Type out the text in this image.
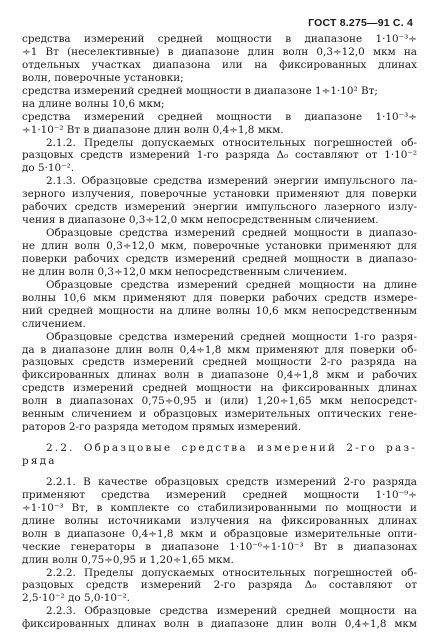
ГОСТ 8.275—91 С. 4
средства измерений средней мощности в диапазоне 1·10⁻³÷
÷1 Вт (неселективные) в диапазоне длин волн 0,3÷12,0 мкм на
отдельных участках диапазона или на фиксированных длинах
волн, поверочные установки;
средства измерений средней мощности в диапазоне 1÷1·10² Вт;
на длине волны 10,6 мкм;
средства измерений средней мощности в диапазоне 1·10⁻³÷
÷1·10⁻² Вт в диапазоне длин волн 0,4÷1,8 мкм.
2.1.2. Пределы допускаемых относительных погрешностей об-
разцовых средств измерений 1-го разряда Δ₀ составляют от 1·10⁻²
до 5·10⁻².
2.1.3. Образцовые средства измерений энергии импульсного ла-
зерного излучения, поверочные установки применяют для поверки
рабочих средств измерений энергии импульсного лазерного излу-
чения в диапазоне 0,3÷12,0 мкм непосредственным сличением.
Образцовые средства измерений средней мощности в диапазо-
не длин волн 0,3÷12,0 мкм, поверочные установки применяют для
поверки рабочих средств измерений средней мощности в диапазо-
не длин волн 0,3÷12,0 мкм непосредственным сличением.
Образцовые средства измерений средней мощности на длине
волны 10,6 мкм применяют для поверки рабочих средств измере-
ний средней мощности на длине волны 10,6 мкм непосредственным
сличением.
Образцовые средства измерений средней мощности 1-го разря-
да в диапазоне длин волн 0,4÷1,8 мкм применяют для поверки об-
разцовых средств измерений средней мощности 2-го разряда на
фиксированных длинах волн в диапазоне 0,4÷1,8 мкм и рабочих
средств измерений средней мощности на фиксированных длинах
волн в диапазонах 0,75÷0,95 и (или) 1,20÷1,65 мкм непосредст-
венным сличением и образцовых измерительных оптических гене-
раторов 2-го разряда методом прямых измерений.
2.2. Образцовые средства измерений 2-го раз-
ряда
2.2.1. В качестве образцовых средств измерений 2-го разряда
применяют средства измерений средней мощности 1·10⁻⁹÷
÷1·10⁻³ Вт, в комплекте со стабилизированными по мощности и
длине волны источниками излучения на фиксированных длинах
волн в диапазоне 0,4÷1,8 мкм и образцовые измерительные опти-
ческие генераторы в диапазоне 1·10⁻⁶÷1·10⁻³ Вт в диапазонах
длин волн 0,75÷0,95 и 1,20÷1,65 мкм.
2.2.2. Пределы допускаемых относительных погрешностей об-
разцовых средств измерений 2-го разряда Δ₀ составляют от
2,5·10⁻² до 5,0·10⁻².
2.2.3. Образцовые средства измерений средней мощности на
фиксированных длинах волн в диапазоне длин волн 0,4÷1,8 мкм
